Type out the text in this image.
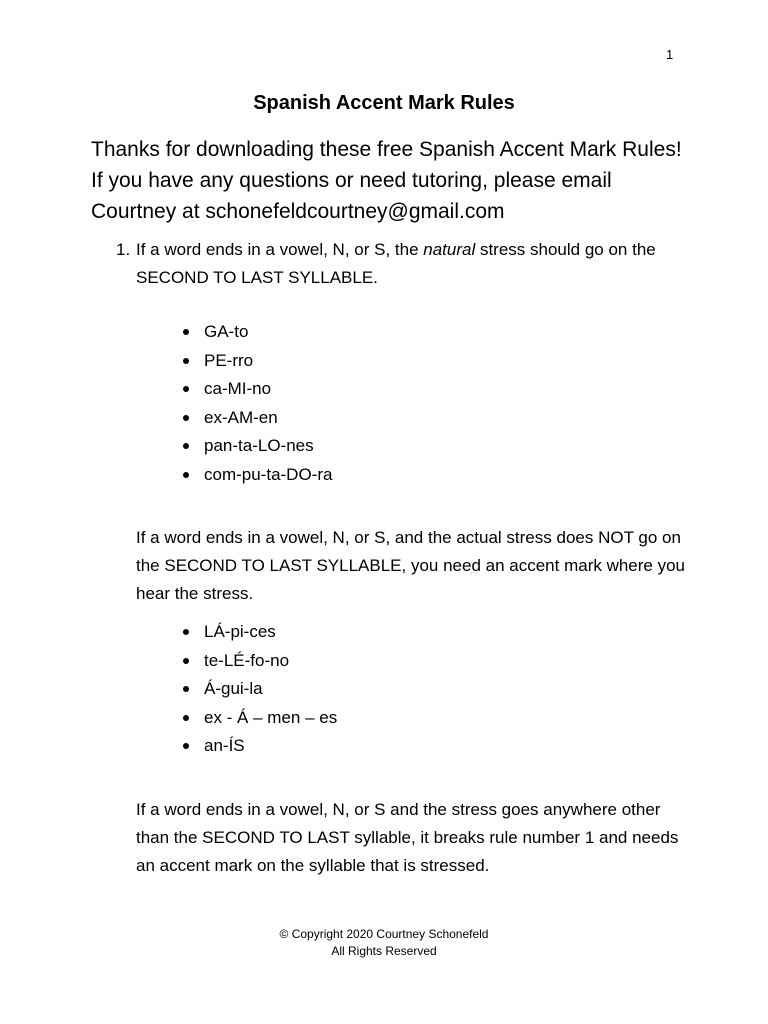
1
Spanish Accent Mark Rules
Thanks for downloading these free Spanish Accent Mark Rules!
If you have any questions or need tutoring, please email
Courtney at schonefeldcourtney@gmail.com
1. If a word ends in a vowel, N, or S, the natural stress should go on the SECOND TO LAST SYLLABLE.
GA-to
PE-rro
ca-MI-no
ex-AM-en
pan-ta-LO-nes
com-pu-ta-DO-ra

If a word ends in a vowel, N, or S, and the actual stress does NOT go on the SECOND TO LAST SYLLABLE, you need an accent mark where you hear the stress.

LÁ-pi-ces
te-LÉ-fo-no
Á-gui-la
ex - Á – men – es
an-ÍS

If a word ends in a vowel, N, or S and the stress goes anywhere other than the SECOND TO LAST syllable, it breaks rule number 1 and needs an accent mark on the syllable that is stressed.

© Copyright 2020 Courtney Schonefeld
All Rights Reserved
